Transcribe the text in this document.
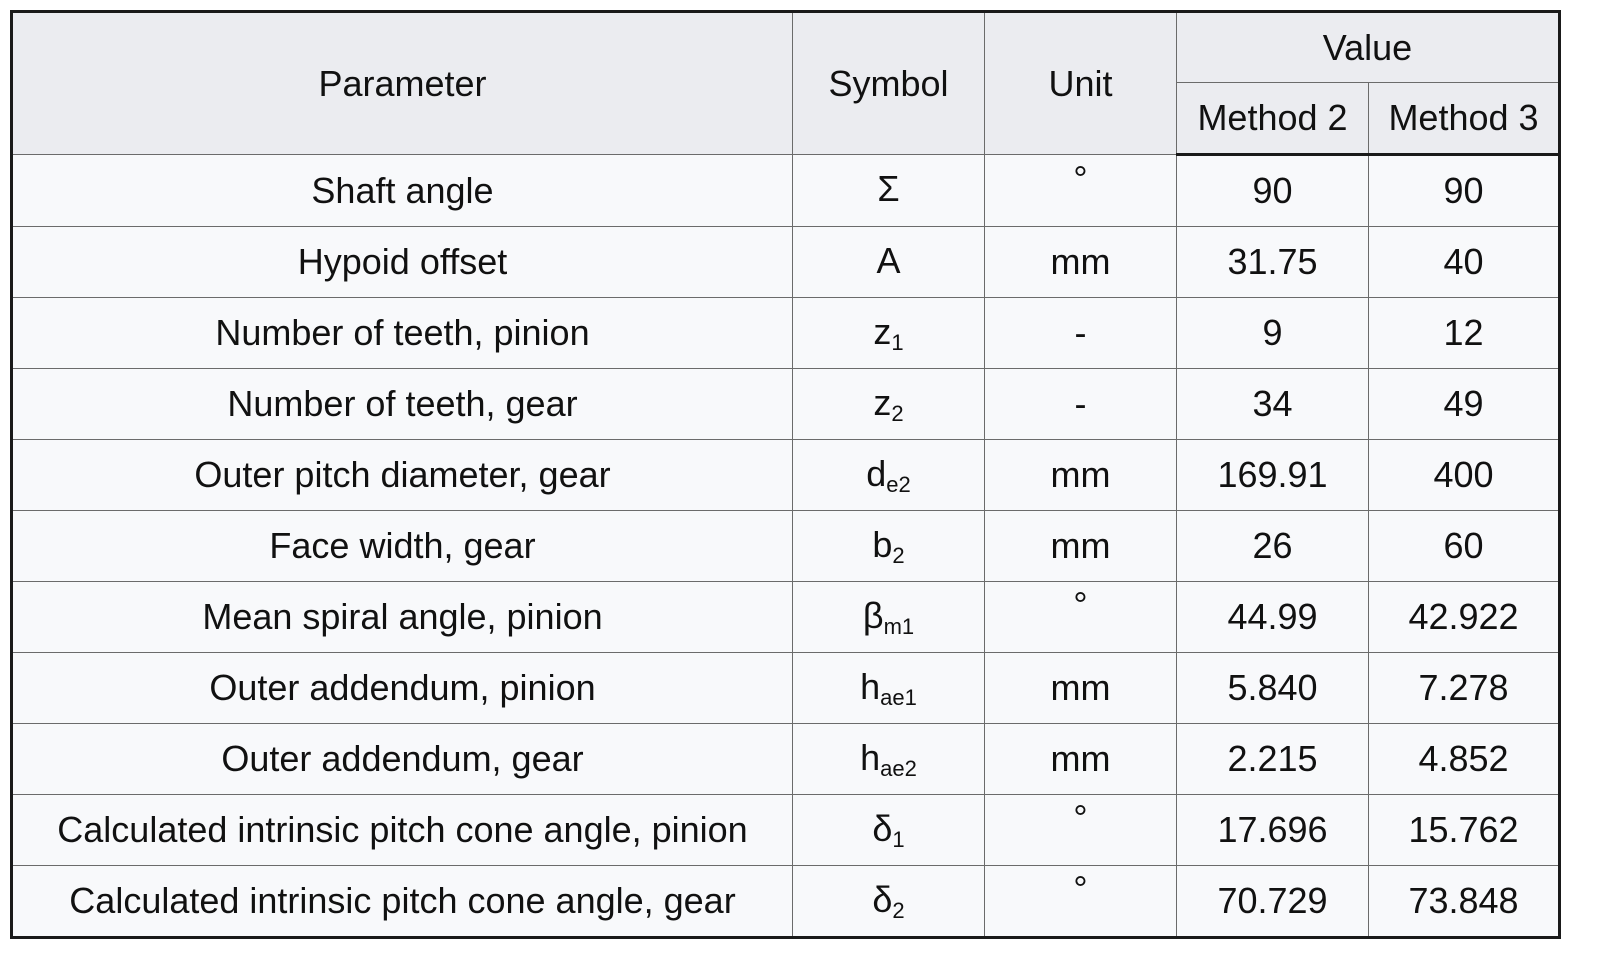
Parameter	Symbol	Unit	Value	
			Method 2	Method 3
Shaft angle	Σ	°	90	90
Hypoid offset	A	mm	31.75	40
Number of teeth, pinion	z1	-	9	12
Number of teeth, gear	z2	-	34	49
Outer pitch diameter, gear	de2	mm	169.91	400
Face width, gear	b2	mm	26	60
Mean spiral angle, pinion	βm1	°	44.99	42.922
Outer addendum, pinion	hae1	mm	5.840	7.278
Outer addendum, gear	hae2	mm	2.215	4.852
Calculated intrinsic pitch cone angle, pinion	δ1	°	17.696	15.762
Calculated intrinsic pitch cone angle, gear	δ2	°	70.729	73.848
